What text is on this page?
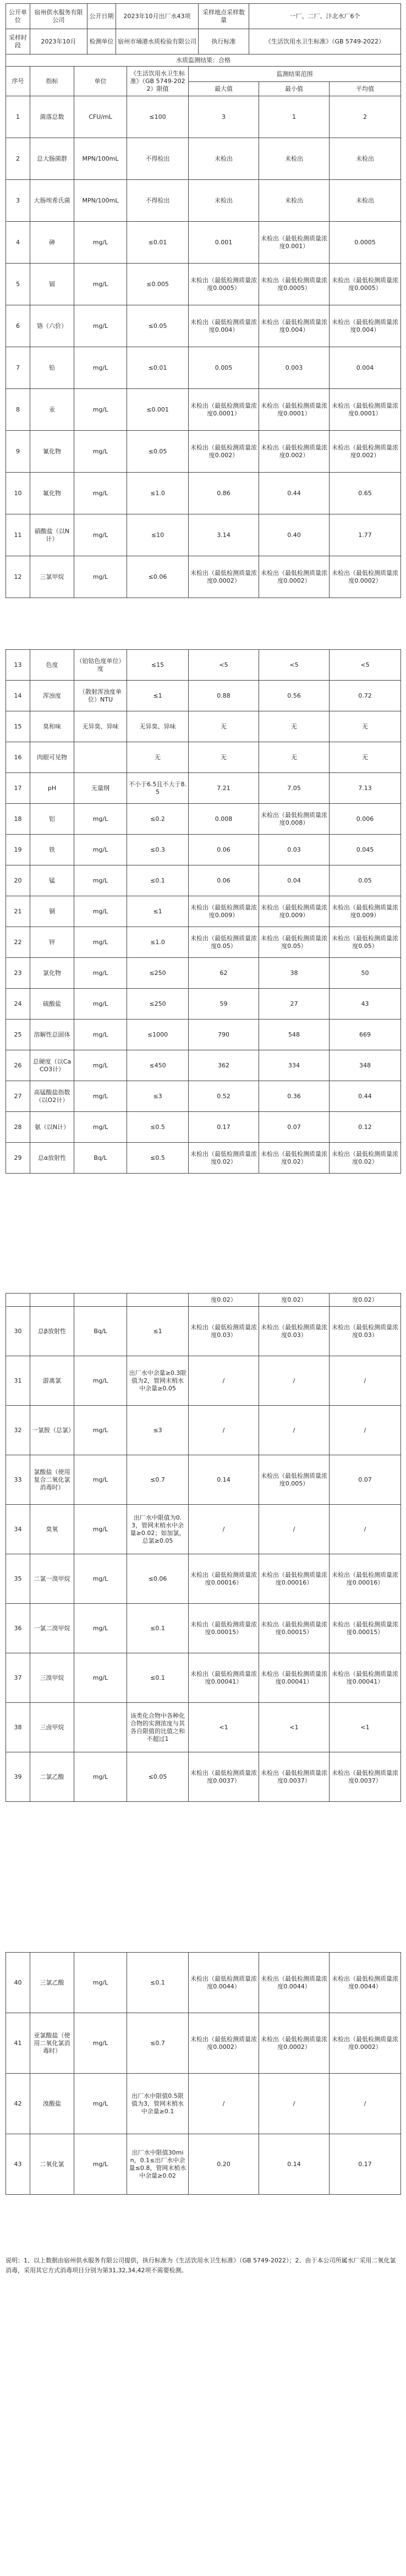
公开单位	宿州供水服务有限公司	公开日期	2023年10月出厂水43项	采样地点采样数量	一厂、二厂、汴北水厂6个
采样时段	2023年10月	检测单位	宿州市埇港水质检验有限公司	执行标准	《生活饮用水卫生标准》（GB 5749-2022）
水质监测结果：合格					
序号	指标	单位	《生活饮用水卫生标准》（GB 5749-2022）限值	监测结果范围		
				最大值	最小值	平均值
1	菌落总数	CFU/mL	≤100	3	1	2
2	总大肠菌群	MPN/100mL	不得检出	未检出	未检出	未检出
3	大肠埃希氏菌	MPN/100mL	不得检出	未检出	未检出	未检出
4	砷	mg/L	≤0.01	0.001	未检出（最低检测质量浓度0.001）	0.0005
5	镉	mg/L	≤0.005	未检出（最低检测质量浓度0.0005）	未检出（最低检测质量浓度0.0005）	未检出（最低检测质量浓度0.0005）
6	铬（六价）	mg/L	≤0.05	未检出（最低检测质量浓度0.004）	未检出（最低检测质量浓度0.004）	未检出（最低检测质量浓度0.004）
7	铅	mg/L	≤0.01	0.005	0.003	0.004
8	汞	mg/L	≤0.001	未检出（最低检测质量浓度0.0001）	未检出（最低检测质量浓度0.0001）	未检出（最低检测质量浓度0.0001）
9	氰化物	mg/L	≤0.05	未检出（最低检测质量浓度0.002）	未检出（最低检测质量浓度0.002）	未检出（最低检测质量浓度0.002）
10	氟化物	mg/L	≤1.0	0.86	0.44	0.65
11	硝酸盐（以N计）	mg/L	≤10	3.14	0.40	1.77
12	三氯甲烷	mg/L	≤0.06	未检出（最低检测质量浓度0.0002）	未检出（最低检测质量浓度0.0002）	未检出（最低检测质量浓度0.0002）
13	色度	（铂钴色度单位）度	≤15	<5	<5	<5
14	浑浊度	（散射浑浊度单位）NTU	≤1	0.88	0.56	0.72
15	臭和味	无异臭、异味	无异臭、异味	无	无	无
16	肉眼可见物		无	无	无	无
17	pH	无量纲	不小于6.5且不大于8.5	7.21	7.05	7.13
18	铝	mg/L	≤0.2	0.008	未检出（最低检测质量浓度0.008）	0.006
19	铁	mg/L	≤0.3	0.06	0.03	0.045
20	锰	mg/L	≤0.1	0.06	0.04	0.05
21	铜	mg/L	≤1	未检出（最低检测质量浓度0.009）	未检出（最低检测质量浓度0.009）	未检出（最低检测质量浓度0.009）
22	锌	mg/L	≤1.0	未检出（最低检测质量浓度0.05）	未检出（最低检测质量浓度0.05）	未检出（最低检测质量浓度0.05）
23	氯化物	mg/L	≤250	62	38	50
24	硫酸盐	mg/L	≤250	59	27	43
25	溶解性总固体	mg/L	≤1000	790	548	669
26	总硬度（以CaCO3计）	mg/L	≤450	362	334	348
27	高锰酸盐指数（以O2计）	mg/L	≤3	0.52	0.36	0.44
28	氨（以N计）	mg/L	≤0.5	0.17	0.07	0.12
29	总α放射性	Bq/L	≤0.5	未检出（最低检测质量浓度0.02）	未检出（最低检测质量浓度0.02）	未检出（最低检测质量浓度0.02）
				度0.02）	度0.02）	度0.02）
30	总β放射性	Bq/L	≤1	未检出（最低检测质量浓度0.03）	未检出（最低检测质量浓度0.03）	未检出（最低检测质量浓度0.03）
31	游离氯	mg/L	出厂水中余量≥0.3限值为2，管网末梢水中余量≥0.05	/	/	/
32	一氯胺（总氯）	mg/L	≤3	/	/	/
33	氯酸盐（使用复合二氧化氯消毒时）	mg/L	≤0.7	0.14	未检出（最低检测质量浓度0.005）	0.07
34	臭氧	mg/L	出厂水中限值为0.3，管网末梢水中余量≥0.02；如加氯，总氯≥0.05	/	/	/
35	二氯一溴甲烷	mg/L	≤0.06	未检出（最低检测质量浓度0.00016）	未检出（最低检测质量浓度0.00016）	未检出（最低检测质量浓度0.00016）
36	一氯二溴甲烷	mg/L	≤0.1	未检出（最低检测质量浓度0.00015）	未检出（最低检测质量浓度0.00015）	未检出（最低检测质量浓度0.00015）
37	三溴甲烷	mg/L	≤0.1	未检出（最低检测质量浓度0.00041）	未检出（最低检测质量浓度0.00041）	未检出（最低检测质量浓度0.00041）
38	三卤甲烷		该类化合物中各种化合物的实测浓度与其各自限值的比值之和不超过1	<1	<1	<1
39	二氯乙酸	mg/L	≤0.05	未检出（最低检测质量浓度0.0037）	未检出（最低检测质量浓度0.0037）	未检出（最低检测质量浓度0.0037）
40	三氯乙酸	mg/L	≤0.1	未检出（最低检测质量浓度0.0044）	未检出（最低检测质量浓度0.0044）	未检出（最低检测质量浓度0.0044）
41	亚氯酸盐（使用二氧化氯消毒时）	mg/L	≤0.7	未检出（最低检测质量浓度0.0002）	未检出（最低检测质量浓度0.0002）	未检出（最低检测质量浓度0.0002）
42	溴酸盐	mg/L	出厂水中限值0.5限值为3，管网末梢水中余量≥0.1	/	/	/
43	二氧化氯	mg/L	出厂水中限值30min，0.1≤出厂水中余量≤0.8，管网末梢水中余量≥0.02	0.20	0.14	0.17
说明：1、以上数据由宿州供水服务有限公司提供，执行标准为《生活饮用水卫生标准》（GB 5749-2022）；2、由于本公司所属水厂采用二氧化氯消毒，采用其它方式消毒项目分别为第31,32,34,42项不需要检测。
